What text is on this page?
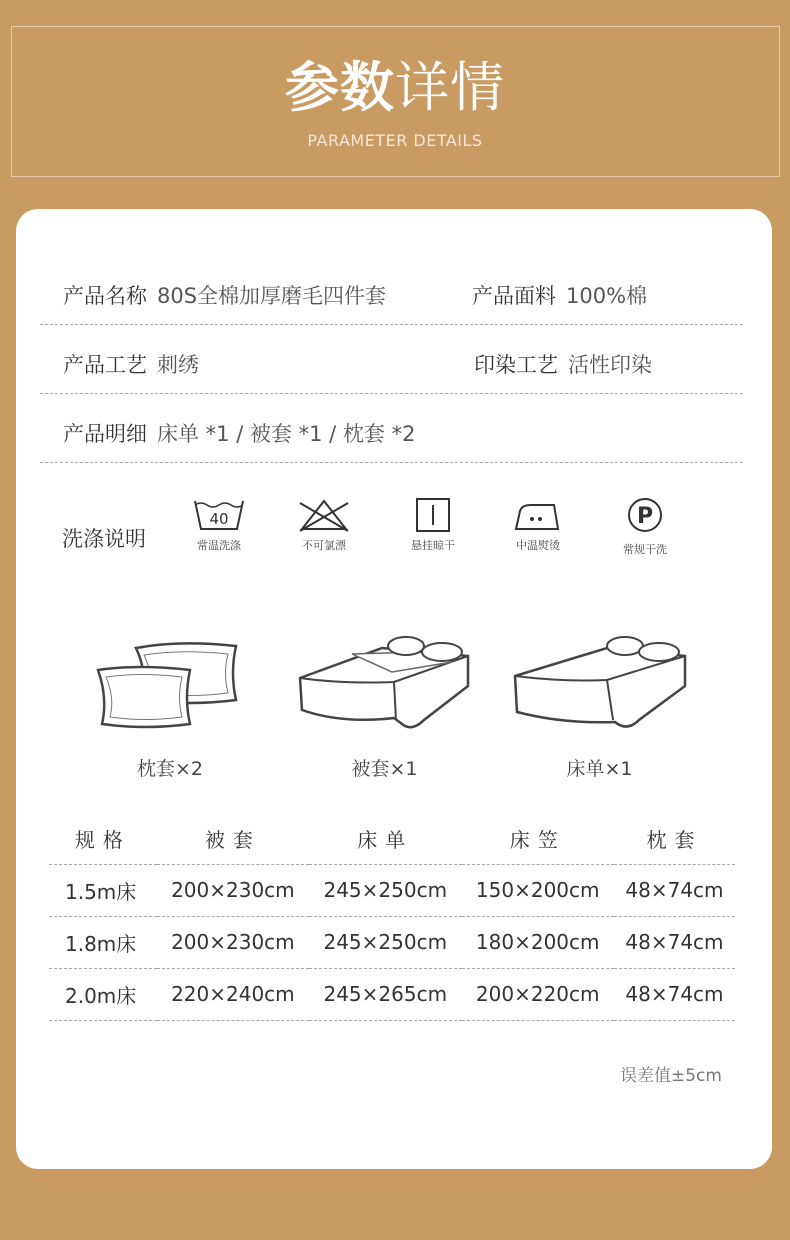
参数详情
PARAMETER DETAILS
产品名称 80S全棉加厚磨毛四件套	产品面料 100%棉
产品工艺 刺绣	印染工艺 活性印染
产品明细 床单 *1 / 被套 *1 / 枕套 *2
洗涤说明
40
常温洗涤	不可氯漂	悬挂晾干	中温熨烫
P
常规干洗
枕套×2	被套×1	床单×1
规格	被套	床单	床笠	枕套
1.5m床	200×230cm	245×250cm	150×200cm	48×74cm
1.8m床	200×230cm	245×250cm	180×200cm	48×74cm
2.0m床	220×240cm	245×265cm	200×220cm	48×74cm
误差值±5cm
